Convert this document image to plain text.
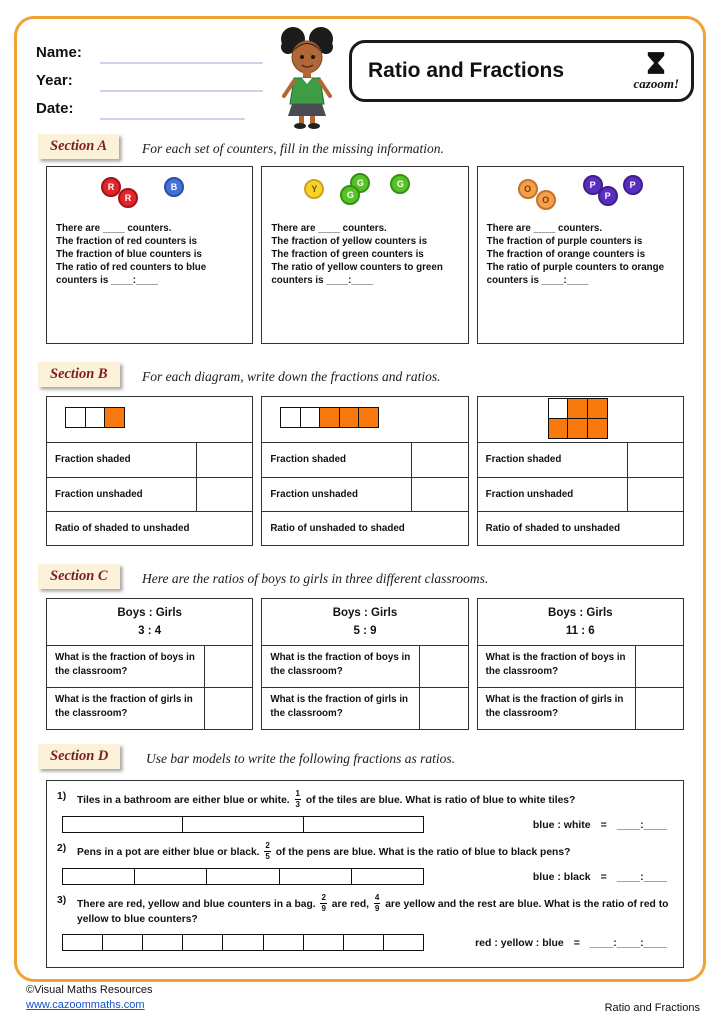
Name:
Year:
Date:
Ratio and Fractions
cazoom!
Section A	For each set of counters, fill in the missing information.
R
R
B

There are ____ counters.

The fraction of red counters is

The fraction of blue counters is

The ratio of red counters to blue counters is ____:____

Y
G
G
G

There are ____ counters.

The fraction of yellow counters is

The fraction of green counters is

The ratio of yellow counters to green counters is ____:____

O
O
P
P
P

There are ____ counters.

The fraction of purple counters is

The fraction of orange counters is

The ratio of purple counters to orange counters is ____:____

Section B	For each diagram, write down the fractions and ratios.
Fraction shaded
Fraction unshaded
Ratio of shaded to unshaded
Fraction shaded
Fraction unshaded
Ratio of unshaded to shaded
Fraction shaded
Fraction unshaded
Ratio of shaded to unshaded
Section C	Here are the ratios of boys to girls in three different classrooms.
Boys : Girls
3 : 4
What is the fraction of boys in the classroom?
What is the fraction of girls in the classroom?
Boys : Girls
5 : 9
What is the fraction of boys in the classroom?
What is the fraction of girls in the classroom?
Boys : Girls
11 : 6
What is the fraction of boys in the classroom?
What is the fraction of girls in the classroom?
Section D	Use bar models to write the following fractions as ratios.
1)	Tiles in a bathroom are either blue or white. $\frac{1}{3}$ of the tiles are blue. What is ratio of blue to white tiles?
blue : white = ____:____
2)	Pens in a pot are either blue or black. $\frac{2}{5}$ of the pens are blue. What is the ratio of blue to black pens?
blue : black = ____:____
3)	There are red, yellow and blue counters in a bag. $\frac{2}{9}$ are red, $\frac{4}{9}$ are yellow and the rest are blue. What is the ratio of red to yellow to blue counters?
red : yellow : blue = ____:____:____
©Visual Maths Resources
www.cazoommaths.com	Ratio and Fractions
